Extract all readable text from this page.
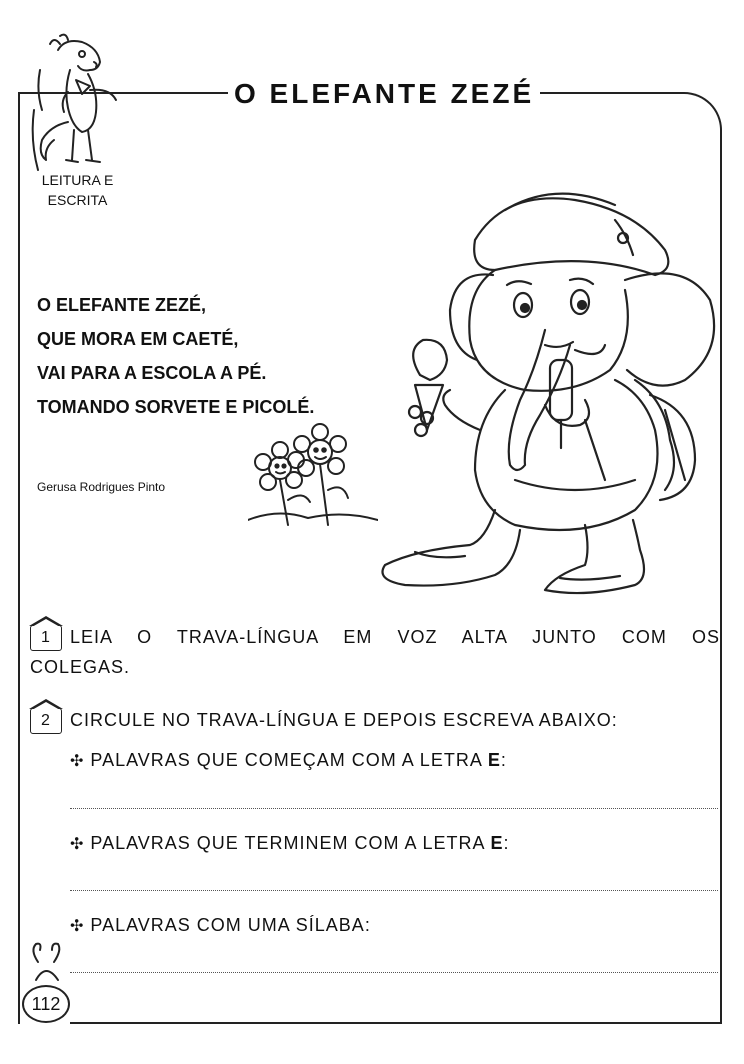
LEITURA E
ESCRITA
O ELEFANTE ZEZÉ
O ELEFANTE ZEZÉ,
QUE MORA EM CAETÉ,
VAI PARA A ESCOLA A PÉ.
TOMANDO SORVETE E PICOLÉ.
Gerusa Rodrigues Pinto
1 LEIA O TRAVA-LÍNGUA EM VOZ ALTA JUNTO COM OS COLEGAS.
2 CIRCULE NO TRAVA-LÍNGUA E DEPOIS ESCREVA ABAIXO:
✣ PALAVRAS QUE COMEÇAM COM A LETRA E:
✣ PALAVRAS QUE TERMINEM COM A LETRA E:
✣ PALAVRAS COM UMA SÍLABA:
112
